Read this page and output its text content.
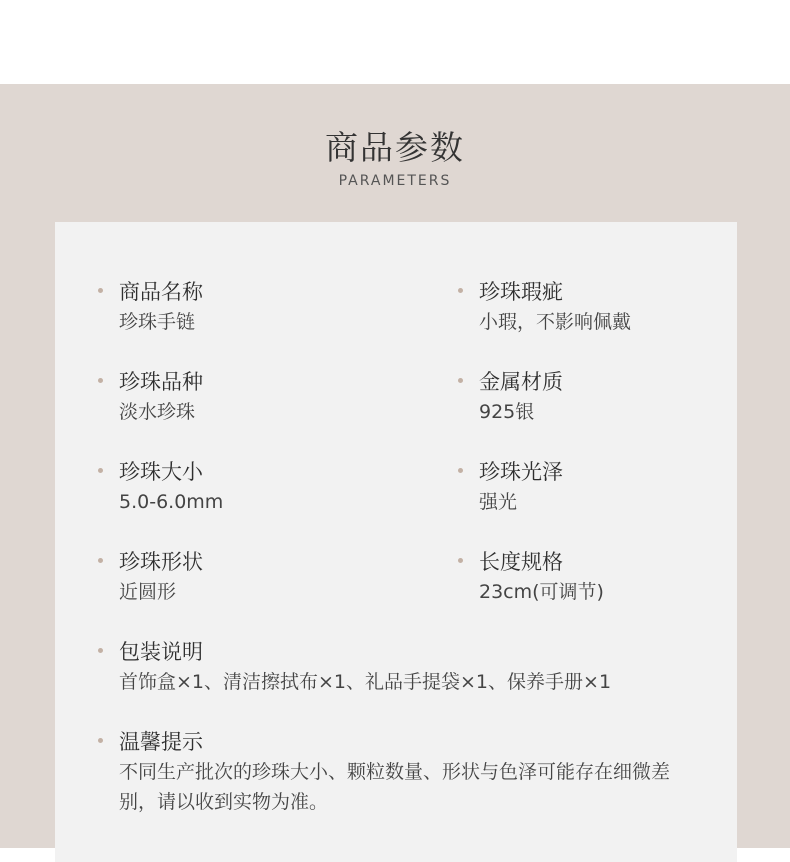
商品参数
PARAMETERS
商品名称
珍珠手链
珍珠品种
淡水珍珠
珍珠大小
5.0-6.0mm
珍珠形状
近圆形
珍珠瑕疵
小瑕，不影响佩戴
金属材质
925银
珍珠光泽
强光
长度规格
23cm(可调节)
包装说明
首饰盒×1、清洁擦拭布×1、礼品手提袋×1、保养手册×1
温馨提示
不同生产批次的珍珠大小、颗粒数量、形状与色泽可能存在细微差别，请以收到实物为准。
